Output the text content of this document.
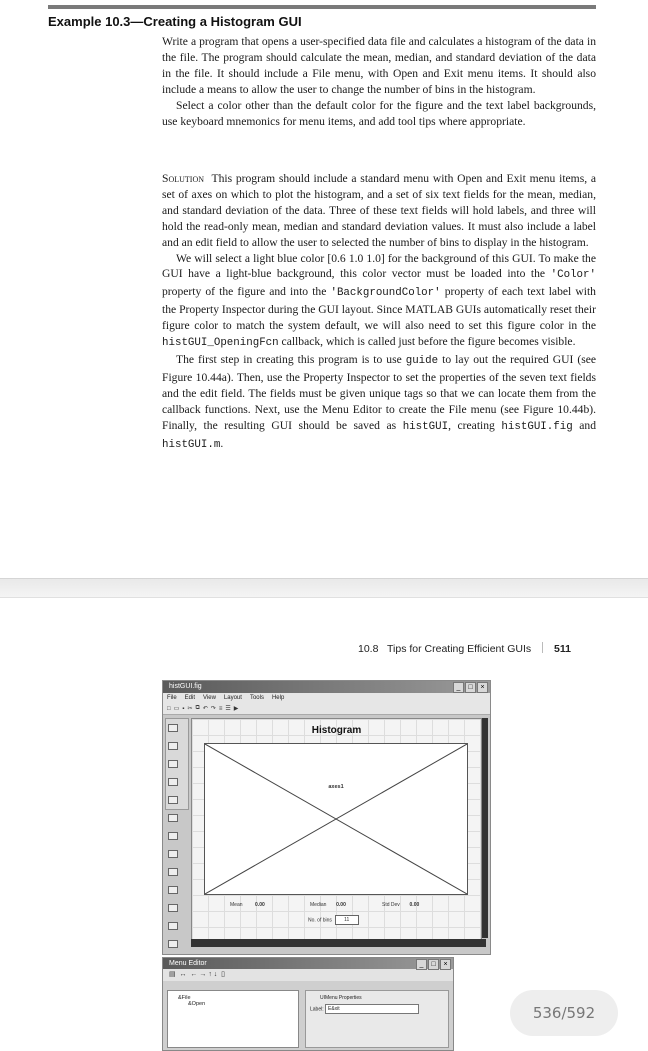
Example 10.3—Creating a Histogram GUI

Write a program that opens a user-specified data file and calculates a histogram of the data in the file. The program should calculate the mean, median, and standard deviation of the data in the file. It should include a File menu, with Open and Exit menu items. It should also include a means to allow the user to change the number of bins in the histogram.

Select a color other than the default color for the figure and the text label backgrounds, use keyboard mnemonics for menu items, and add tool tips where appropriate.

Solution This program should include a standard menu with Open and Exit menu items, a set of axes on which to plot the histogram, and a set of six text fields for the mean, median, and standard deviation of the data. Three of these text fields will hold labels, and three will hold the read-only mean, median and standard deviation values. It must also include a label and an edit field to allow the user to selected the number of bins to display in the histogram.

We will select a light blue color [0.6 1.0 1.0] for the background of this GUI. To make the GUI have a light-blue background, this color vector must be loaded into the 'Color' property of the figure and into the 'BackgroundColor' property of each text label with the Property Inspector during the GUI layout. Since MATLAB GUIs automatically reset their figure color to match the system default, we will also need to set this figure color in the histGUI_OpeningFcn callback, which is called just before the figure becomes visible.

The first step in creating this program is to use guide to lay out the required GUI (see Figure 10.44a). Then, use the Property Inspector to set the properties of the seven text fields and the edit field. The fields must be given unique tags so that we can locate them from the callback functions. Next, use the Menu Editor to create the File menu (see Figure 10.44b). Finally, the resulting GUI should be saved as histGUI, creating histGUI.fig and histGUI.m.

10.8 Tips for Creating Efficient GUIs 511
histGUI.fig	_	□	×
File Edit View Layout Tools Help
□ ▭ ▪ ✂ ⧉ ↶ ↷ ≡ ☰ ▶

Histogram
axes1
Mean	0.00	Median 0.00	Std Dev 0.00
No. of bins 11
Menu Editor	_	□	×
▤ ↔ ← → ↑ ↓ ▯
&File
&Open
UIMenu Properties
Label: E&xit	536/592
